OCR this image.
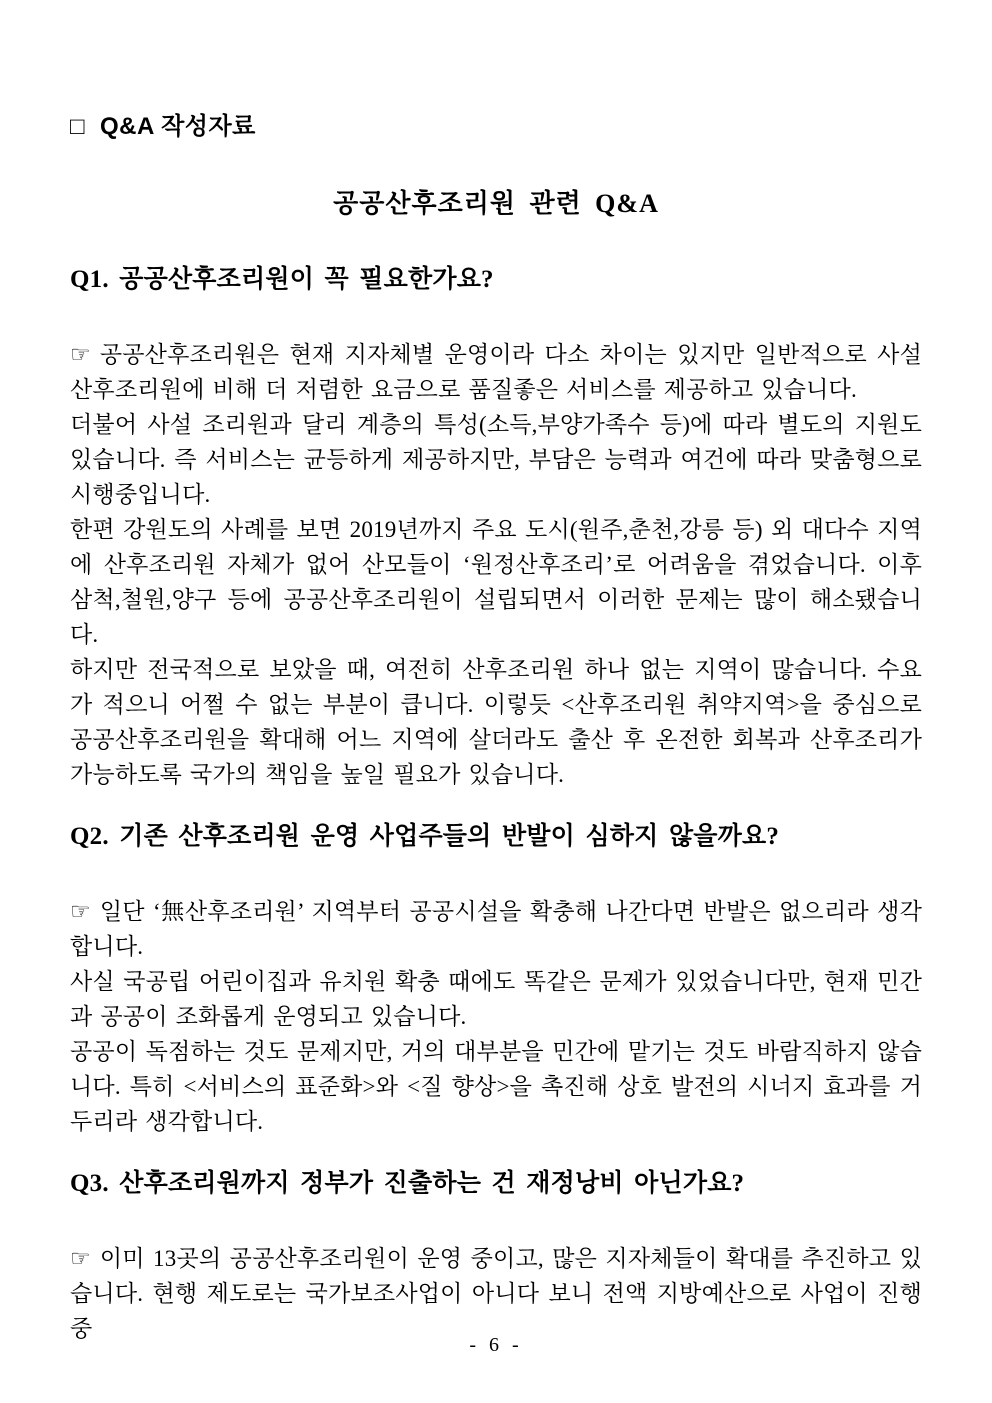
□ Q&A 작성자료
공공산후조리원 관련 Q&A
Q1. 공공산후조리원이 꼭 필요한가요?

☞ 공공산후조리원은 현재 지자체별 운영이라 다소 차이는 있지만 일반적으로 사설 산후조리원에 비해 더 저렴한 요금으로 품질좋은 서비스를 제공하고 있습니다.

더불어 사설 조리원과 달리 계층의 특성(소득,부양가족수 등)에 따라 별도의 지원도 있습니다. 즉 서비스는 균등하게 제공하지만, 부담은 능력과 여건에 따라 맞춤형으로 시행중입니다.

한편 강원도의 사례를 보면 2019년까지 주요 도시(원주,춘천,강릉 등) 외 대다수 지역에 산후조리원 자체가 없어 산모들이 ‘원정산후조리’로 어려움을 겪었습니다. 이후 삼척,철원,양구 등에 공공산후조리원이 설립되면서 이러한 문제는 많이 해소됐습니다.

하지만 전국적으로 보았을 때, 여전히 산후조리원 하나 없는 지역이 많습니다. 수요가 적으니 어쩔 수 없는 부분이 큽니다. 이렇듯 <산후조리원 취약지역>을 중심으로 공공산후조리원을 확대해 어느 지역에 살더라도 출산 후 온전한 회복과 산후조리가 가능하도록 국가의 책임을 높일 필요가 있습니다.

Q2. 기존 산후조리원 운영 사업주들의 반발이 심하지 않을까요?

☞ 일단 ‘無산후조리원’ 지역부터 공공시설을 확충해 나간다면 반발은 없으리라 생각합니다.

사실 국공립 어린이집과 유치원 확충 때에도 똑같은 문제가 있었습니다만, 현재 민간과 공공이 조화롭게 운영되고 있습니다.

공공이 독점하는 것도 문제지만, 거의 대부분을 민간에 맡기는 것도 바람직하지 않습니다. 특히 <서비스의 표준화>와 <질 향상>을 촉진해 상호 발전의 시너지 효과를 거두리라 생각합니다.

Q3. 산후조리원까지 정부가 진출하는 건 재정낭비 아닌가요?

☞ 이미 13곳의 공공산후조리원이 운영 중이고, 많은 지자체들이 확대를 추진하고 있습니다. 현행 제도로는 국가보조사업이 아니다 보니 전액 지방예산으로 사업이 진행 중

- 6 -
